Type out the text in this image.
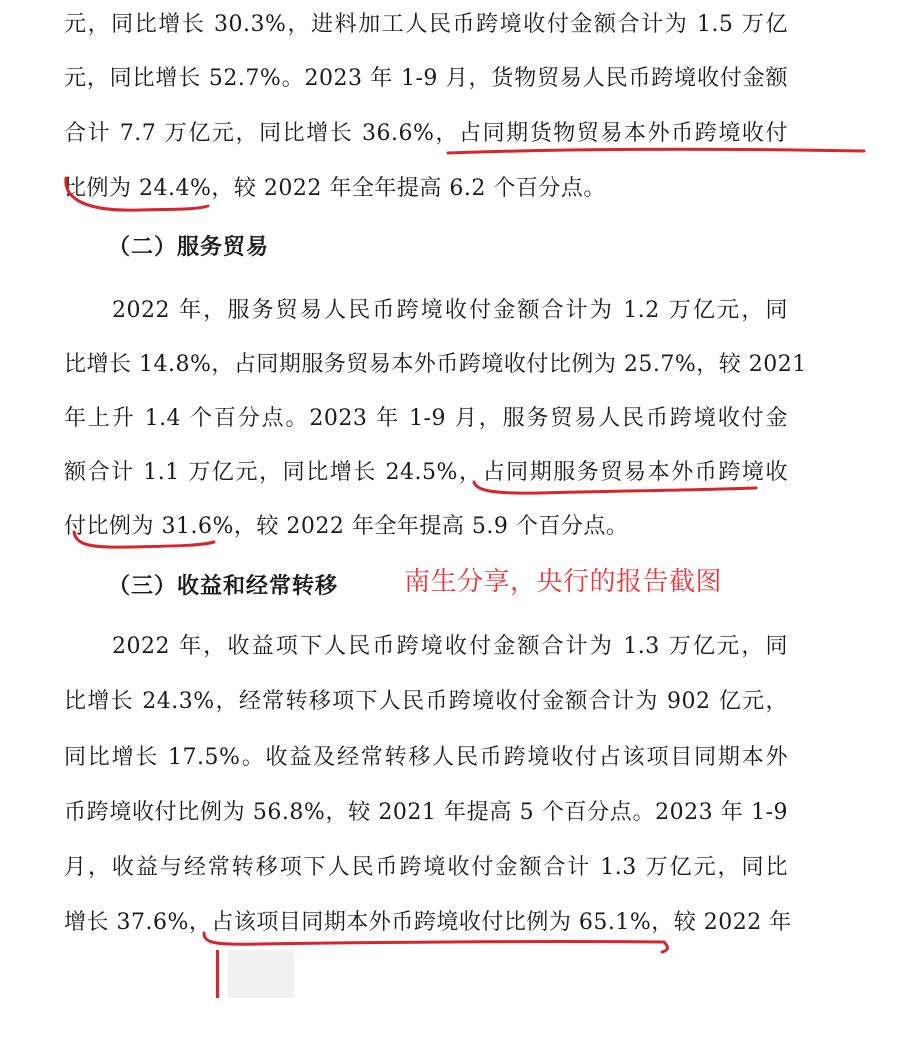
元，同比增长 30.3%，进料加工人民币跨境收付金额合计为 1.5 万亿
元，同比增长 52.7%。2023 年 1-9 月，货物贸易人民币跨境收付金额
合计 7.7 万亿元，同比增长 36.6%，占同期货物贸易本外币跨境收付
比例为 24.4%，较 2022 年全年提高 6.2 个百分点。
（二）服务贸易
2022 年，服务贸易人民币跨境收付金额合计为 1.2 万亿元，同
比增长 14.8%，占同期服务贸易本外币跨境收付比例为 25.7%，较 2021
年上升 1.4 个百分点。2023 年 1-9 月，服务贸易人民币跨境收付金
额合计 1.1 万亿元，同比增长 24.5%，占同期服务贸易本外币跨境收
付比例为 31.6%，较 2022 年全年提高 5.9 个百分点。
（三）收益和经常转移	南生分享，央行的报告截图
2022 年，收益项下人民币跨境收付金额合计为 1.3 万亿元，同
比增长 24.3%，经常转移项下人民币跨境收付金额合计为 902 亿元，
同比增长 17.5%。收益及经常转移人民币跨境收付占该项目同期本外
币跨境收付比例为 56.8%，较 2021 年提高 5 个百分点。2023 年 1-9
月，收益与经常转移项下人民币跨境收付金额合计 1.3 万亿元，同比
增长 37.6%，占该项目同期本外币跨境收付比例为 65.1%，较 2022 年
